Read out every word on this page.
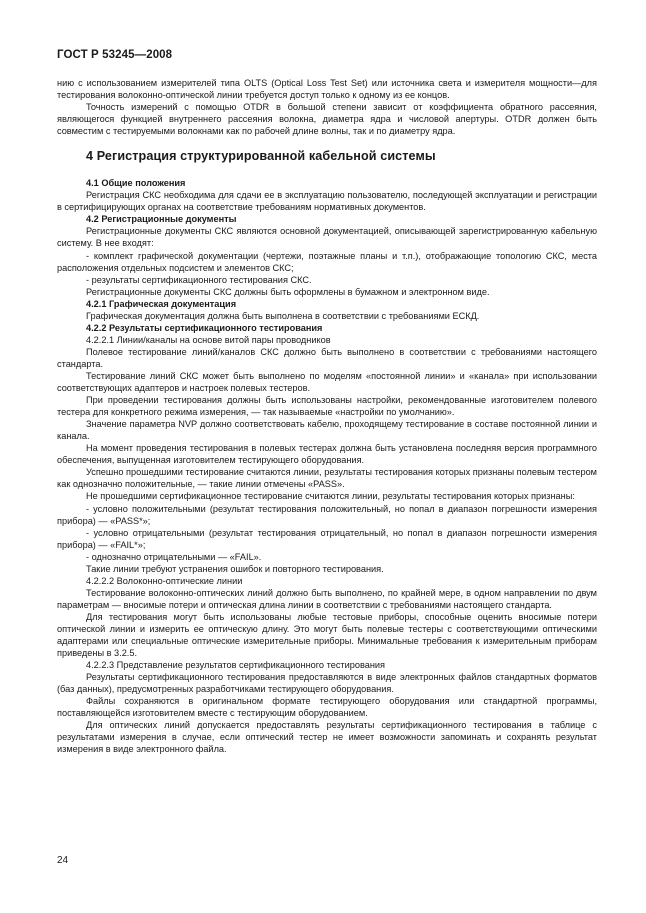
ГОСТ Р 53245—2008

нию с использованием измерителей типа OLTS (Optical Loss Test Set) или источника света и измерителя мощности—для тестирования волоконно-оптической линии требуется доступ только к одному из ее концов.

Точность измерений с помощью OTDR в большой степени зависит от коэффициента обратного рассеяния, являющегося функцией внутреннего рассеяния волокна, диаметра ядра и числовой апертуры. OTDR должен быть совместим с тестируемыми волокнами как по рабочей длине волны, так и по диаметру ядра.

4 Регистрация структурированной кабельной системы

4.1 Общие положения

Регистрация СКС необходима для сдачи ее в эксплуатацию пользователю, последующей эксплуатации и регистрации в сертифицирующих органах на соответствие требованиям нормативных документов.

4.2 Регистрационные документы

Регистрационные документы СКС являются основной документацией, описывающей зарегистрированную кабельную систему. В нее входят:

- комплект графической документации (чертежи, поэтажные планы и т.п.), отображающие топологию СКС, места расположения отдельных подсистем и элементов СКС;

- результаты сертификационного тестирования СКС.

Регистрационные документы СКС должны быть оформлены в бумажном и электронном виде.

4.2.1 Графическая документация

Графическая документация должна быть выполнена в соответствии с требованиями ЕСКД.

4.2.2 Результаты сертификационного тестирования

4.2.2.1 Линии/каналы на основе витой пары проводников

Полевое тестирование линий/каналов СКС должно быть выполнено в соответствии с требованиями настоящего стандарта.

Тестирование линий СКС может быть выполнено по моделям «постоянной линии» и «канала» при использовании соответствующих адаптеров и настроек полевых тестеров.

При проведении тестирования должны быть использованы настройки, рекомендованные изготовителем полевого тестера для конкретного режима измерения, — так называемые «настройки по умолчанию».

Значение параметра NVP должно соответствовать кабелю, проходящему тестирование в составе постоянной линии и канала.

На момент проведения тестирования в полевых тестерах должна быть установлена последняя версия программного обеспечения, выпущенная изготовителем тестирующего оборудования.

Успешно прошедшими тестирование считаются линии, результаты тестирования которых признаны полевым тестером как однозначно положительные, — такие линии отмечены «PASS».

Не прошедшими сертификационное тестирование считаются линии, результаты тестирования которых признаны:

- условно положительными (результат тестирования положительный, но попал в диапазон погрешности измерения прибора) — «PASS*»;

- условно отрицательными (результат тестирования отрицательный, но попал в диапазон погрешности измерения прибора) — «FAIL*»;

- однозначно отрицательными — «FAIL».

Такие линии требуют устранения ошибок и повторного тестирования.

4.2.2.2 Волоконно-оптические линии

Тестирование волоконно-оптических линий должно быть выполнено, по крайней мере, в одном направлении по двум параметрам — вносимые потери и оптическая длина линии в соответствии с требованиями настоящего стандарта.

Для тестирования могут быть использованы любые тестовые приборы, способные оценить вносимые потери оптической линии и измерить ее оптическую длину. Это могут быть полевые тестеры с соответствующими оптическими адаптерами или специальные оптические измерительные приборы. Минимальные требования к измерительным приборам приведены в 3.2.5.

4.2.2.3 Представление результатов сертификационного тестирования

Результаты сертификационного тестирования предоставляются в виде электронных файлов стандартных форматов (баз данных), предусмотренных разработчиками тестирующего оборудования.

Файлы сохраняются в оригинальном формате тестирующего оборудования или стандартной программы, поставляющейся изготовителем вместе с тестирующим оборудованием.

Для оптических линий допускается предоставлять результаты сертификационного тестирования в таблице с результатами измерения в случае, если оптический тестер не имеет возможности запоминать и сохранять результат измерения в виде электронного файла.

24
